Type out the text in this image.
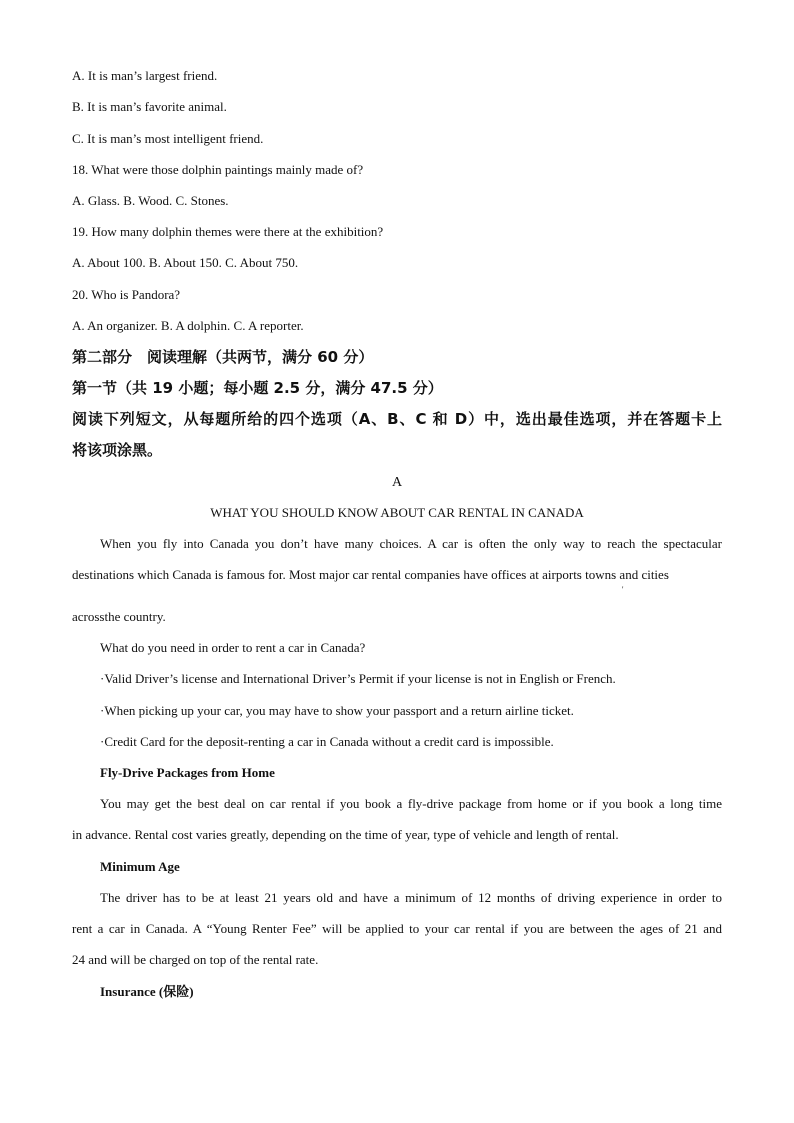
A. It is man’s largest friend.
B. It is man’s favorite animal.
C. It is man’s most intelligent friend.
18. What were those dolphin paintings mainly made of?
A. Glass. B. Wood. C. Stones.
19. How many dolphin themes were there at the exhibition?
A. About 100. B. About 150. C. About 750.
20. Who is Pandora?
A. An organizer. B. A dolphin. C. A reporter.
第二部分　阅读理解（共两节，满分 60 分）
第一节（共 19 小题；每小题 2.5 分，满分 47.5 分）
阅读下列短文，从每题所给的四个选项（A、B、C 和 D）中，选出最佳选项，并在答题卡上
将该项涂黑。
A
WHAT YOU SHOULD KNOW ABOUT CAR RENTAL IN CANADA
When you fly into Canada you don’t have many choices. A car is often the only way to reach the spectacular
destinations which Canada is famous for. Most major car rental companies have offices at airports towns and cities
'
acrossthe country.
What do you need in order to rent a car in Canada?
·Valid Driver’s license and International Driver’s Permit if your license is not in English or French.
·When picking up your car, you may have to show your passport and a return airline ticket.
·Credit Card for the deposit-renting a car in Canada without a credit card is impossible.
Fly-Drive Packages from Home
You may get the best deal on car rental if you book a fly-drive package from home or if you book a long time
in advance. Rental cost varies greatly, depending on the time of year, type of vehicle and length of rental.
Minimum Age
The driver has to be at least 21 years old and have a minimum of 12 months of driving experience in order to
rent a car in Canada. A “Young Renter Fee” will be applied to your car rental if you are between the ages of 21 and
24 and will be charged on top of the rental rate.
Insurance (保险)
